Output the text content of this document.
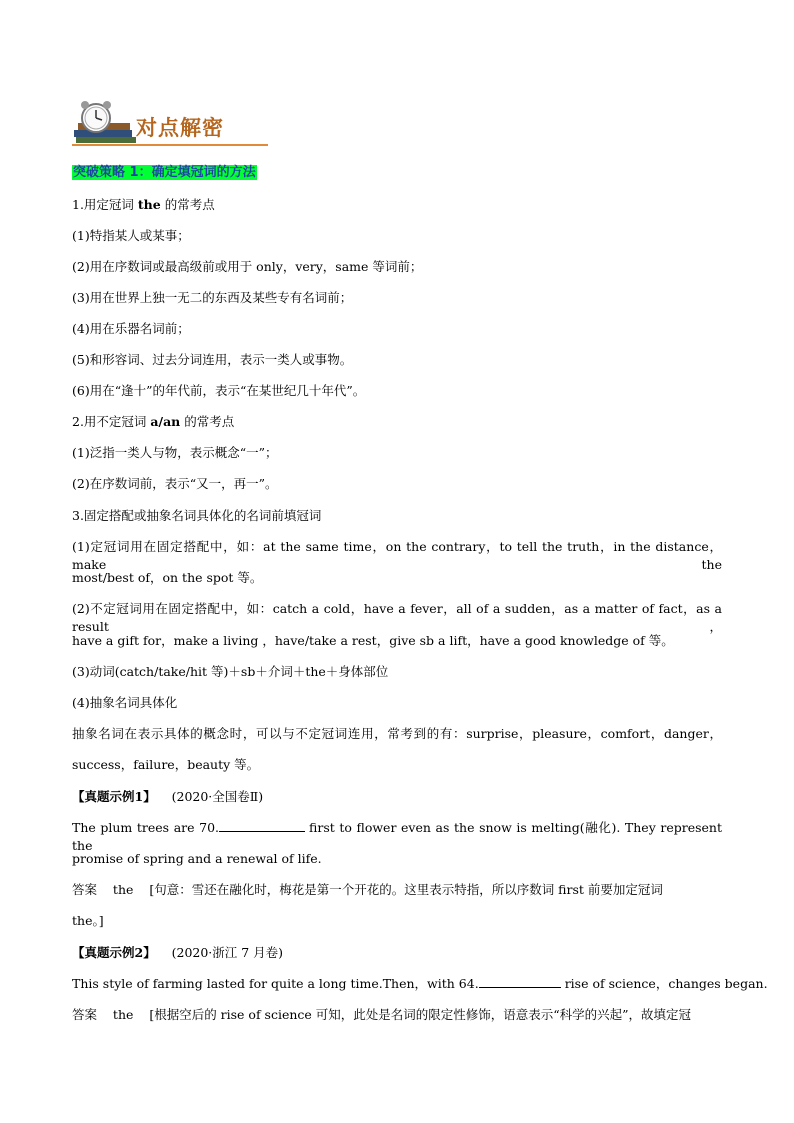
对点解密
突破策略 1：确定填冠词的方法
1.用定冠词 the 的常考点
(1)特指某人或某事；
(2)用在序数词或最高级前或用于 only，very，same 等词前；
(3)用在世界上独一无二的东西及某些专有名词前；
(4)用在乐器名词前；
(5)和形容词、过去分词连用，表示一类人或事物。
(6)用在“逢十”的年代前，表示“在某世纪几十年代”。
2.用不定冠词 a/an 的常考点
(1)泛指一类人与物，表示概念“一”；
(2)在序数词前，表示“又一，再一”。
3.固定搭配或抽象名词具体化的名词前填冠词
(1)定冠词用在固定搭配中，如：at the same time，on the contrary，to tell the truth，in the distance，make the
most/best of，on the spot 等。
(2)不定冠词用在固定搭配中，如：catch a cold，have a fever，all of a sudden，as a matter of fact，as a result，
have a gift for，make a living ，have/take a rest，give sb a lift，have a good knowledge of 等。
(3)动词(catch/take/hit 等)＋sb＋介词＋the＋身体部位
(4)抽象名词具体化
抽象名词在表示具体的概念时，可以与不定冠词连用，常考到的有：surprise，pleasure，comfort，danger，
success，failure，beauty 等。
【真题示例1】 (2020·全国卷Ⅱ)
The plum trees are 70.	first to flower even as the snow is melting(融化). They represent the
promise of spring and a renewal of life.
答案 the [句意：雪还在融化时，梅花是第一个开花的。这里表示特指，所以序数词 first 前要加定冠词
the。]
【真题示例2】 (2020·浙江 7 月卷)
This style of farming lasted for quite a long time.Then，with 64.	rise of science，changes began.
答案 the [根据空后的 rise of science 可知，此处是名词的限定性修饰，语意表示“科学的兴起”，故填定冠
